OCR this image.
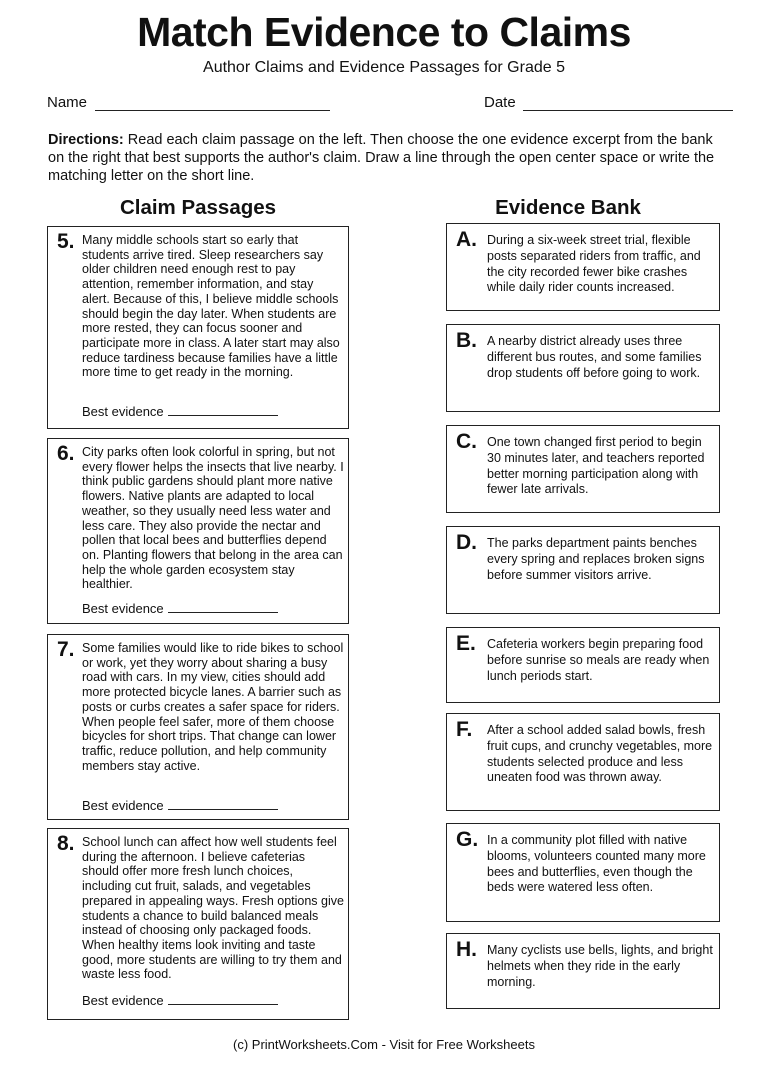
Match Evidence to Claims
Author Claims and Evidence Passages for Grade 5
Name	Date
Directions: Read each claim passage on the left. Then choose the one evidence excerpt from the bank on the right that best supports the author's claim. Draw a line through the open center space or write the matching letter on the short line.
Claim Passages	Evidence Bank
5. Many middle schools start so early that students arrive tired. Sleep researchers say older children need enough rest to pay attention, remember information, and stay alert. Because of this, I believe middle schools should begin the day later. When students are more rested, they can focus sooner and participate more in class. A later start may also reduce tardiness because families have a little more time to get ready in the morning.
Best evidence
6. City parks often look colorful in spring, but not every flower helps the insects that live nearby. I think public gardens should plant more native flowers. Native plants are adapted to local weather, so they usually need less water and less care. They also provide the nectar and pollen that local bees and butterflies depend on. Planting flowers that belong in the area can help the whole garden ecosystem stay healthier.
Best evidence
7. Some families would like to ride bikes to school or work, yet they worry about sharing a busy road with cars. In my view, cities should add more protected bicycle lanes. A barrier such as posts or curbs creates a safer space for riders. When people feel safer, more of them choose bicycles for short trips. That change can lower traffic, reduce pollution, and help community members stay active.
Best evidence
8. School lunch can affect how well students feel during the afternoon. I believe cafeterias should offer more fresh lunch choices, including cut fruit, salads, and vegetables prepared in appealing ways. Fresh options give students a chance to build balanced meals instead of choosing only packaged foods. When healthy items look inviting and taste good, more students are willing to try them and waste less food.
Best evidence
A. During a six-week street trial, flexible posts separated riders from traffic, and the city recorded fewer bike crashes while daily rider counts increased.
B. A nearby district already uses three different bus routes, and some families drop students off before going to work.
C. One town changed first period to begin 30 minutes later, and teachers reported better morning participation along with fewer late arrivals.
D. The parks department paints benches every spring and replaces broken signs before summer visitors arrive.
E. Cafeteria workers begin preparing food before sunrise so meals are ready when lunch periods start.
F. After a school added salad bowls, fresh fruit cups, and crunchy vegetables, more students selected produce and less uneaten food was thrown away.
G. In a community plot filled with native blooms, volunteers counted many more bees and butterflies, even though the beds were watered less often.
H. Many cyclists use bells, lights, and bright helmets when they ride in the early morning.
(c) PrintWorksheets.Com - Visit for Free Worksheets
